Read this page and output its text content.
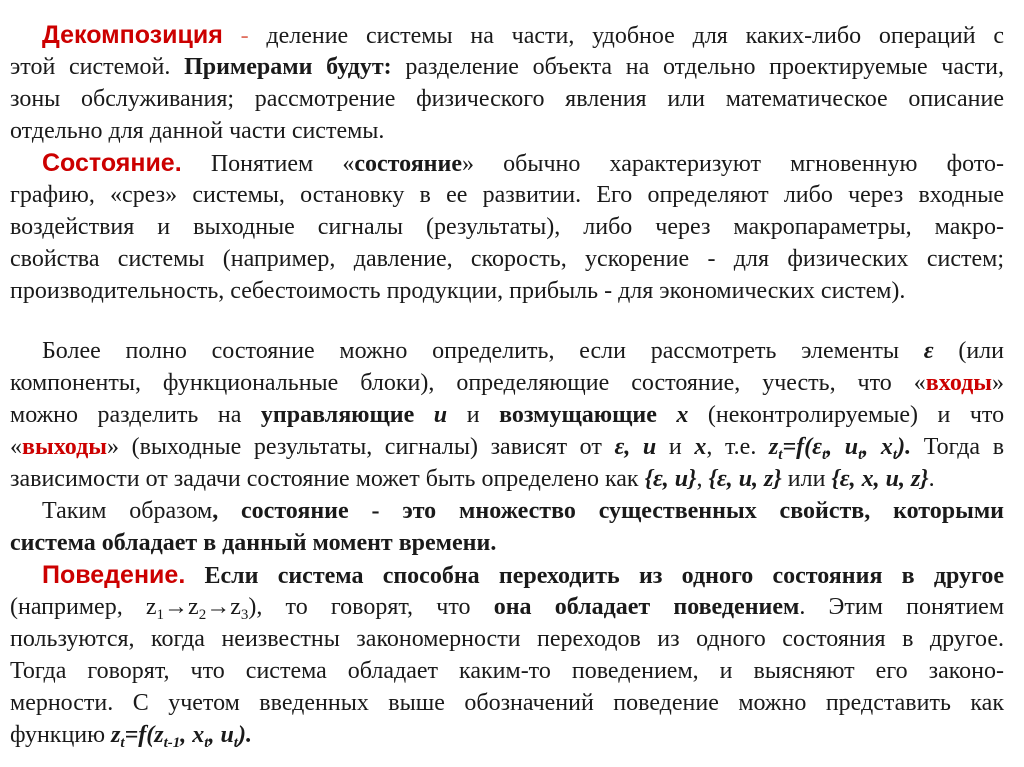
Декомпозиция - деление системы на части, удобное для каких-либо операций с
этой системой. Примерами будут: разделение объекта на отдельно проектируемые части,
зоны обслуживания; рассмотрение физического явления или математическое описание
отдельно для данной части системы.
Состояние. Понятием «состояние» обычно характеризуют мгновенную фото-
графию, «срез» системы, остановку в ее развитии. Его определяют либо через входные
воздействия и выходные сигналы (результаты), либо через макропараметры, макро-
свойства системы (например, давление, скорость, ускорение - для физических систем;
производительность, себестоимость продукции, прибыль - для экономических систем).
Более полно состояние можно определить, если рассмотреть элементы ε (или
компоненты, функциональные блоки), определяющие состояние, учесть, что «входы»
можно разделить на управляющие u и возмущающие x (неконтролируемые) и что
«выходы» (выходные результаты, сигналы) зависят от ε, u и x, т.е. $z_t=f(\varepsilon_t$, $u_t$, $x_t$). Тогда в
зависимости от задачи состояние может быть определено как {ε, u}, {ε, u, z} или {ε, x, u, z}.
Таким образом, состояние - это множество существенных свойств, которыми
система обладает в данный момент времени.
Поведение. Если система способна переходить из одного состояния в другое
(например, $z_1\to z_2\to z_3$), то говорят, что она обладает поведением. Этим понятием
пользуются, когда неизвестны закономерности переходов из одного состояния в другое.
Тогда говорят, что система обладает каким-то поведением, и выясняют его законо-
мерности. С учетом введенных выше обозначений поведение можно представить как
функцию $z_t=f(z_{t-1}$, $x_t$, $u_t$).
